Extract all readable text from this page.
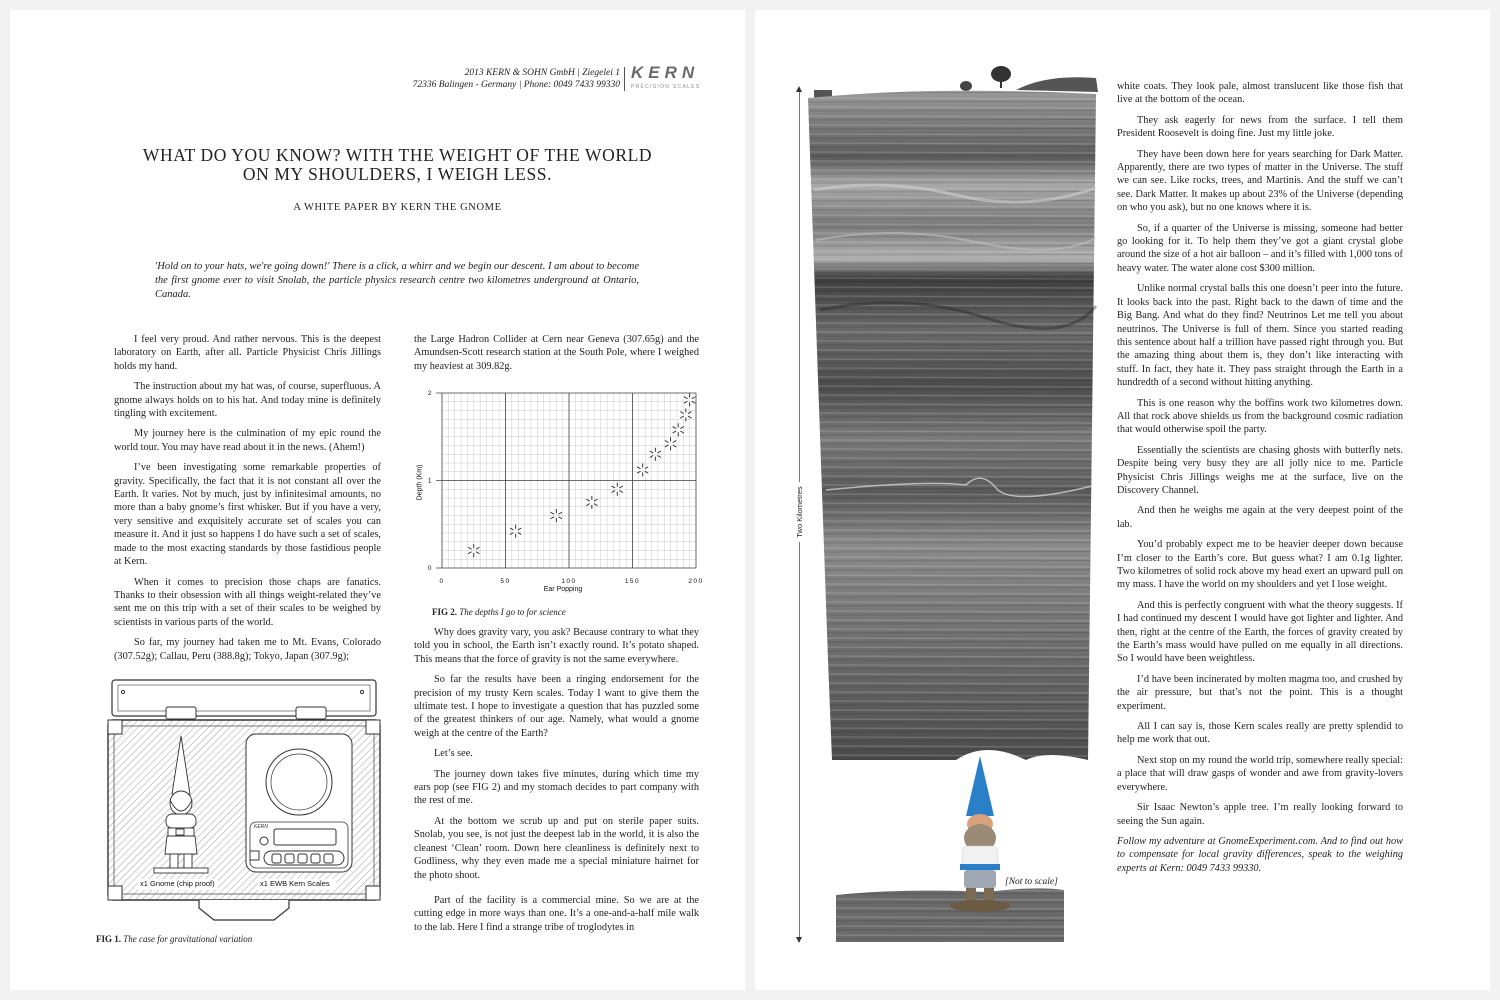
2013 KERN & SOHN GmbH | Ziegelei 1
72336 Balingen - Germany | Phone: 0049 7433 99330
KERN
PRECISION SCALES
WHAT DO YOU KNOW? WITH THE WEIGHT OF THE WORLD
ON MY SHOULDERS, I WEIGH LESS.
A WHITE PAPER BY KERN THE GNOME
'Hold on to your hats, we're going down!' There is a click, a whirr and we begin our descent. I am about to become the first gnome ever to visit Snolab, the particle physics research centre two kilometres underground at Ontario, Canada.

I feel very proud. And rather nervous. This is the deepest laboratory on Earth, after all. Particle Physicist Chris Jillings holds my hand.

The instruction about my hat was, of course, superfluous. A gnome always holds on to his hat. And today mine is definitely tingling with excitement.

My journey here is the culmination of my epic round the world tour. You may have read about it in the news. (Ahem!)

I’ve been investigating some remarkable properties of gravity. Specifically, the fact that it is not constant all over the Earth. It varies. Not by much, just by infinitesimal amounts, no more than a baby gnome’s first whisker. But if you have a very, very sensitive and exquisitely accurate set of scales you can measure it. And it just so happens I do have such a set of scales, made to the most exacting standards by those fastidious people at Kern.

When it comes to precision those chaps are fanatics. Thanks to their obsession with all things weight-related they’ve sent me on this trip with a set of their scales to be weighed by scientists in various parts of the world.

So far, my journey had taken me to Mt. Evans, Colorado (307.52g); Callau, Peru (388.8g); Tokyo, Japan (307.9g);

KERN
x1 Gnome (chip proof)	x1 EWB Kern Scales
FIG 1. The case for gravitational variation

the Large Hadron Collider at Cern near Geneva (307.65g) and the Amundsen-Scott research station at the South Pole, where I weighed my heaviest at 309.82g.

0	50	100	150	200
0
1
2
Depth (Km)
Ear Popping
FIG 2. The depths I go to for science

Why does gravity vary, you ask? Because contrary to what they told you in school, the Earth isn’t exactly round. It’s potato shaped. This means that the force of gravity is not the same everywhere.

So far the results have been a ringing endorsement for the precision of my trusty Kern scales. Today I want to give them the ultimate test. I hope to investigate a question that has puzzled some of the greatest thinkers of our age. Namely, what would a gnome weigh at the centre of the Earth?

Let’s see.

The journey down takes five minutes, during which time my ears pop (see FIG 2) and my stomach decides to part company with the rest of me.

At the bottom we scrub up and put on sterile paper suits. Snolab, you see, is not just the deepest lab in the world, it is also the cleanest ‘Clean’ room. Down here cleanliness is definitely next to Godliness, why they even made me a special miniature hairnet for the photo shoot.

Part of the facility is a commercial mine. So we are at the cutting edge in more ways than one. It’s a one-and-a-half mile walk to the lab. Here I find a strange tribe of troglodytes in

Two Kilometres
[Not to scale]

white coats. They look pale, almost translucent like those fish that live at the bottom of the ocean.

They ask eagerly for news from the surface. I tell them President Roosevelt is doing fine. Just my little joke.

They have been down here for years searching for Dark Matter. Apparently, there are two types of matter in the Universe. The stuff we can see. Like rocks, trees, and Martinis. And the stuff we can’t see. Dark Matter. It makes up about 23% of the Universe (depending on who you ask), but no one knows where it is.

So, if a quarter of the Universe is missing, someone had better go looking for it. To help them they’ve got a giant crystal globe around the size of a hot air balloon – and it’s filled with 1,000 tons of heavy water. The water alone cost $300 million.

Unlike normal crystal balls this one doesn’t peer into the future. It looks back into the past. Right back to the dawn of time and the Big Bang. And what do they find? Neutrinos Let me tell you about neutrinos. The Universe is full of them. Since you started reading this sentence about half a trillion have passed right through you. But the amazing thing about them is, they don’t like interacting with stuff. In fact, they hate it. They pass straight through the Earth in a hundredth of a second without hitting anything.

This is one reason why the boffins work two kilometres down. All that rock above shields us from the background cosmic radiation that would otherwise spoil the party.

Essentially the scientists are chasing ghosts with butterfly nets. Despite being very busy they are all jolly nice to me. Particle Physicist Chris Jillings weighs me at the surface, live on the Discovery Channel.

And then he weighs me again at the very deepest point of the lab.

You’d probably expect me to be heavier deeper down because I’m closer to the Earth’s core. But guess what? I am 0.1g lighter. Two kilometres of solid rock above my head exert an upward pull on my mass. I have the world on my shoulders and yet I lose weight.

And this is perfectly congruent with what the theory suggests. If I had continued my descent I would have got lighter and lighter. And then, right at the centre of the Earth, the forces of gravity created by the Earth’s mass would have pulled on me equally in all directions. So I would have been weightless.

I’d have been incinerated by molten magma too, and crushed by the air pressure, but that’s not the point. This is a thought experiment.

All I can say is, those Kern scales really are pretty splendid to help me work that out.

Next stop on my round the world trip, somewhere really special: a place that will draw gasps of wonder and awe from gravity-lovers everywhere.

Sir Isaac Newton’s apple tree. I’m really looking forward to seeing the Sun again.

Follow my adventure at GnomeExperiment.com. And to find out how to compensate for local gravity differences, speak to the weighing experts at Kern: 0049 7433 99330.
